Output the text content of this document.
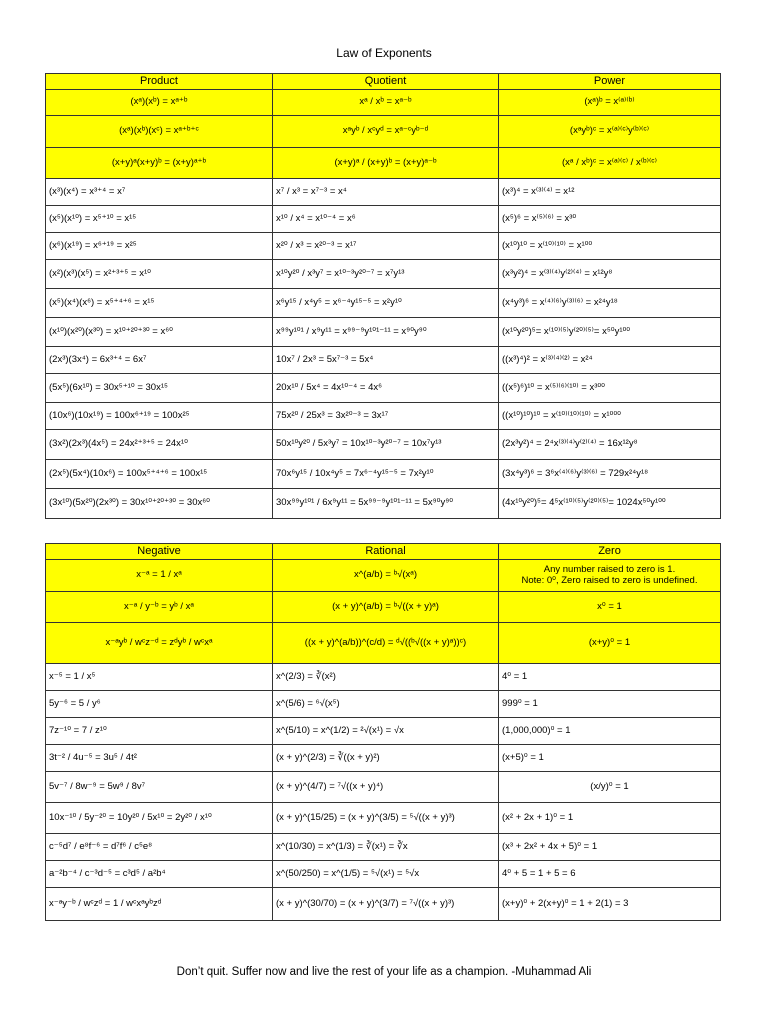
Law of Exponents
Product	Quotient	Power
(xᵃ)(xᵇ) = xᵃ⁺ᵇ	xᵃ / xᵇ = xᵃ⁻ᵇ	(xᵃ)ᵇ = x⁽ᵃ⁾⁽ᵇ⁾
(xᵃ)(xᵇ)(xᶜ) = xᵃ⁺ᵇ⁺ᶜ	xᵃyᵇ / xᶜyᵈ = xᵃ⁻ᶜyᵇ⁻ᵈ	(xᵃyᵇ)ᶜ = x⁽ᵃ⁾⁽ᶜ⁾y⁽ᵇ⁾⁽ᶜ⁾
(x+y)ᵃ(x+y)ᵇ = (x+y)ᵃ⁺ᵇ	(x+y)ᵃ / (x+y)ᵇ = (x+y)ᵃ⁻ᵇ	(xᵃ / xᵇ)ᶜ = x⁽ᵃ⁾⁽ᶜ⁾ / x⁽ᵇ⁾⁽ᶜ⁾
(x³)(x⁴) = x³⁺⁴ = x⁷	x⁷ / x³ = x⁷⁻³ = x⁴	(x³)⁴ = x⁽³⁾⁽⁴⁾ = x¹²
(x⁵)(x¹⁰) = x⁵⁺¹⁰ = x¹⁵	x¹⁰ / x⁴ = x¹⁰⁻⁴ = x⁶	(x⁵)⁶ = x⁽⁵⁾⁽⁶⁾ = x³⁰
(x⁶)(x¹⁹) = x⁶⁺¹⁹ = x²⁵	x²⁰ / x³ = x²⁰⁻³ = x¹⁷	(x¹⁰)¹⁰ = x⁽¹⁰⁾⁽¹⁰⁾ = x¹⁰⁰
(x²)(x³)(x⁵) = x²⁺³⁺⁵ = x¹⁰	x¹⁰y²⁰ / x³y⁷ = x¹⁰⁻³y²⁰⁻⁷ = x⁷y¹³	(x³y²)⁴ = x⁽³⁾⁽⁴⁾y⁽²⁾⁽⁴⁾ = x¹²y⁸
(x⁵)(x⁴)(x⁶) = x⁵⁺⁴⁺⁶ = x¹⁵	x⁶y¹⁵ / x⁴y⁵ = x⁶⁻⁴y¹⁵⁻⁵ = x²y¹⁰	(x⁴y³)⁶ = x⁽⁴⁾⁽⁶⁾y⁽³⁾⁽⁶⁾ = x²⁴y¹⁸
(x¹⁰)(x²⁰)(x³⁰) = x¹⁰⁺²⁰⁺³⁰ = x⁶⁰	x⁹⁹y¹⁰¹ / x⁹y¹¹ = x⁹⁹⁻⁹y¹⁰¹⁻¹¹ = x⁹⁰y⁹⁰	(x¹⁰y²⁰)⁵= x⁽¹⁰⁾⁽⁵⁾y⁽²⁰⁾⁽⁵⁾= x⁵⁰y¹⁰⁰
(2x³)(3x⁴) = 6x³⁺⁴ = 6x⁷	10x⁷ / 2x³ = 5x⁷⁻³ = 5x⁴	((x³)⁴)² = x⁽³⁾⁽⁴⁾⁽²⁾ = x²⁴
(5x⁵)(6x¹⁰) = 30x⁵⁺¹⁰ = 30x¹⁵	20x¹⁰ / 5x⁴ = 4x¹⁰⁻⁴ = 4x⁶	((x⁵)⁶)¹⁰ = x⁽⁵⁾⁽⁶⁾⁽¹⁰⁾ = x³⁰⁰
(10x⁶)(10x¹⁹) = 100x⁶⁺¹⁹ = 100x²⁵	75x²⁰ / 25x³ = 3x²⁰⁻³ = 3x¹⁷	((x¹⁰)¹⁰)¹⁰ = x⁽¹⁰⁾⁽¹⁰⁾⁽¹⁰⁾ = x¹⁰⁰⁰
(3x²)(2x³)(4x⁵) = 24x²⁺³⁺⁵ = 24x¹⁰	50x¹⁰y²⁰ / 5x³y⁷ = 10x¹⁰⁻³y²⁰⁻⁷ = 10x⁷y¹³	(2x³y²)⁴ = 2⁴x⁽³⁾⁽⁴⁾y⁽²⁾⁽⁴⁾ = 16x¹²y⁸
(2x⁵)(5x⁴)(10x⁶) = 100x⁵⁺⁴⁺⁶ = 100x¹⁵	70x⁶y¹⁵ / 10x⁴y⁵ = 7x⁶⁻⁴y¹⁵⁻⁵ = 7x²y¹⁰	(3x⁴y³)⁶ = 3⁶x⁽⁴⁾⁽⁶⁾y⁽³⁾⁽⁶⁾ = 729x²⁴y¹⁸
(3x¹⁰)(5x²⁰)(2x³⁰) = 30x¹⁰⁺²⁰⁺³⁰ = 30x⁶⁰	30x⁹⁹y¹⁰¹ / 6x⁹y¹¹ = 5x⁹⁹⁻⁹y¹⁰¹⁻¹¹ = 5x⁹⁰y⁹⁰	(4x¹⁰y²⁰)⁵= 4⁵x⁽¹⁰⁾⁽⁵⁾y⁽²⁰⁾⁽⁵⁾= 1024x⁵⁰y¹⁰⁰
Negative	Rational	Zero
x⁻ᵃ = 1 / xᵃ	x^(a/b) = ᵇ√(xᵃ)	Any number raised to zero is 1.
Note: 0⁰, Zero raised to zero is undefined.

x⁻ᵃ / y⁻ᵇ = yᵇ / xᵃ	(x + y)^(a/b) = ᵇ√((x + y)ᵃ)	x⁰ = 1
x⁻ᵃyᵇ / wᶜz⁻ᵈ = zᵈyᵇ / wᶜxᵃ	((x + y)^(a/b))^(c/d) = ᵈ√((ᵇ√((x + y)ᵃ))ᶜ)	(x+y)⁰ = 1
x⁻⁵ = 1 / x⁵	x^(2/3) = ∛(x²)	4⁰ = 1
5y⁻⁶ = 5 / y⁶	x^(5/6) = ⁶√(x⁵)	999⁰ = 1
7z⁻¹⁰ = 7 / z¹⁰	x^(5/10) = x^(1/2) = ²√(x¹) = √x	(1,000,000)⁰ = 1
3t⁻² / 4u⁻⁵ = 3u⁵ / 4t²	(x + y)^(2/3) = ∛((x + y)²)	(x+5)⁰ = 1
5v⁻⁷ / 8w⁻⁹ = 5w⁹ / 8v⁷	(x + y)^(4/7) = ⁷√((x + y)⁴)	(x/y)⁰ = 1
10x⁻¹⁰ / 5y⁻²⁰ = 10y²⁰ / 5x¹⁰ = 2y²⁰ / x¹⁰	(x + y)^(15/25) = (x + y)^(3/5) = ⁵√((x + y)³)	(x² + 2x + 1)⁰ = 1
c⁻⁵d⁷ / e⁸f⁻⁶ = d⁷f⁶ / c⁵e⁸	x^(10/30) = x^(1/3) = ∛(x¹) = ∛x	(x³ + 2x² + 4x + 5)⁰ = 1
a⁻²b⁻⁴ / c⁻³d⁻⁵ = c³d⁵ / a²b⁴	x^(50/250) = x^(1/5) = ⁵√(x¹) = ⁵√x	4⁰ + 5 = 1 + 5 = 6
x⁻ᵃy⁻ᵇ / wᶜzᵈ = 1 / wᶜxᵃyᵇzᵈ	(x + y)^(30/70) = (x + y)^(3/7) = ⁷√((x + y)³)	(x+y)⁰ + 2(x+y)⁰ = 1 + 2(1) = 3
Don’t quit. Suffer now and live the rest of your life as a champion. -Muhammad Ali
